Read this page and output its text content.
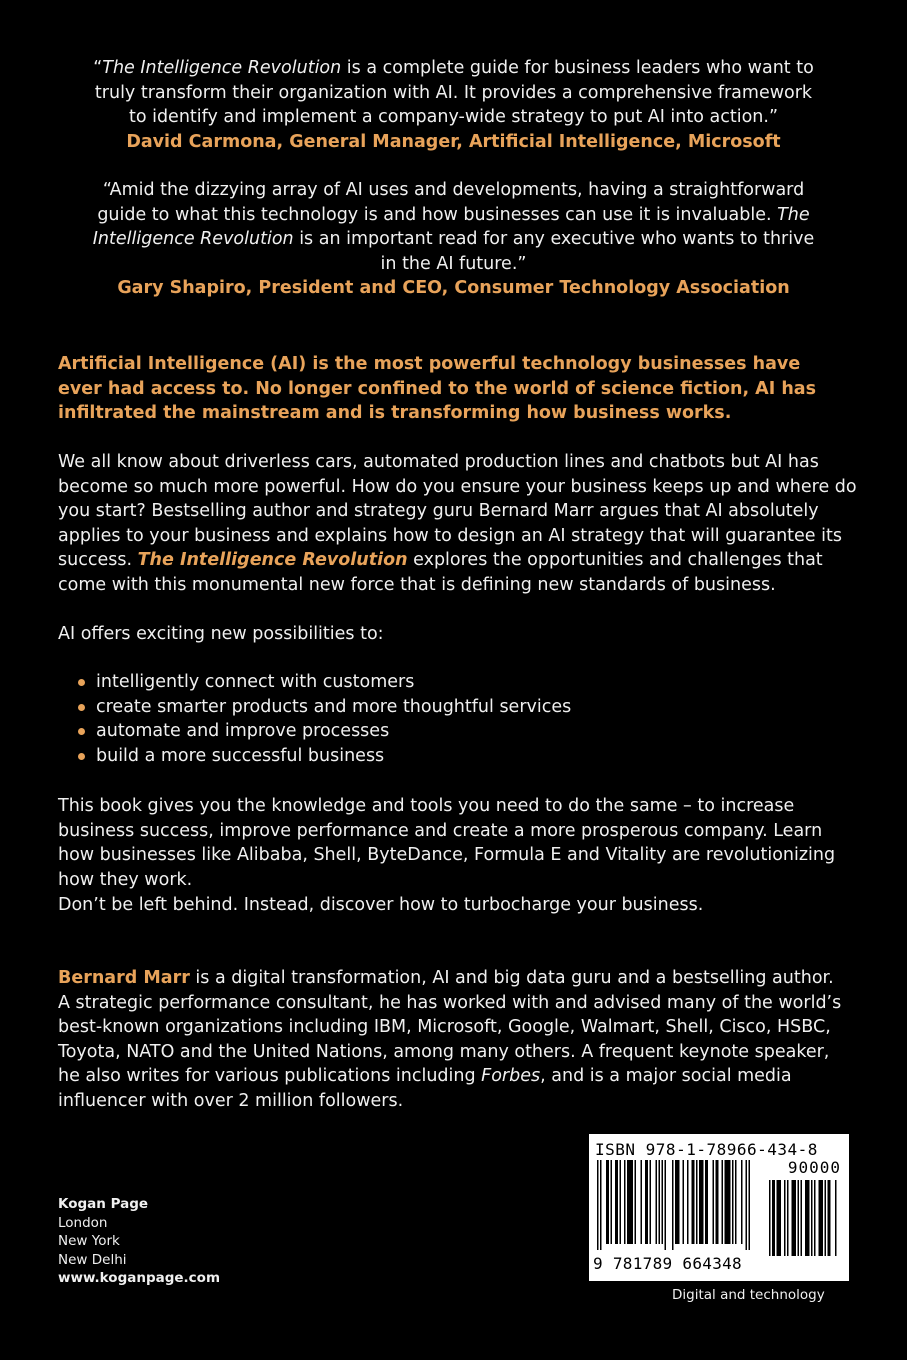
“The Intelligence Revolution is a complete guide for business leaders who want to truly transform their organization with AI. It provides a comprehensive framework to identify and implement a company-wide strategy to put AI into action.”
David Carmona, General Manager, Artificial Intelligence, Microsoft
“Amid the dizzying array of AI uses and developments, having a straightforward guide to what this technology is and how businesses can use it is invaluable. The Intelligence Revolution is an important read for any executive who wants to thrive in the AI future.”
Gary Shapiro, President and CEO, Consumer Technology Association
Artificial Intelligence (AI) is the most powerful technology businesses have ever had access to. No longer confined to the world of science fiction, AI has infiltrated the mainstream and is transforming how business works.
We all know about driverless cars, automated production lines and chatbots but AI has become so much more powerful. How do you ensure your business keeps up and where do you start? Bestselling author and strategy guru Bernard Marr argues that AI absolutely applies to your business and explains how to design an AI strategy that will guarantee its success. The Intelligence Revolution explores the opportunities and challenges that come with this monumental new force that is defining new standards of business.
AI offers exciting new possibilities to:
intelligently connect with customers
create smarter products and more thoughtful services
automate and improve processes
build a more successful business
This book gives you the knowledge and tools you need to do the same – to increase business success, improve performance and create a more prosperous company. Learn how businesses like Alibaba, Shell, ByteDance, Formula E and Vitality are revolutionizing how they work.
Don’t be left behind. Instead, discover how to turbocharge your business.
Bernard Marr is a digital transformation, AI and big data guru and a bestselling author. A strategic performance consultant, he has worked with and advised many of the world’s best-known organizations including IBM, Microsoft, Google, Walmart, Shell, Cisco, HSBC, Toyota, NATO and the United Nations, among many others. A frequent keynote speaker, he also writes for various publications including Forbes, and is a major social media influencer with over 2 million followers.
Kogan Page
London
New York
New Delhi
www.koganpage.com
ISBN 978-1-78966-434-8
90000
9 781789 664348
Digital and technology
